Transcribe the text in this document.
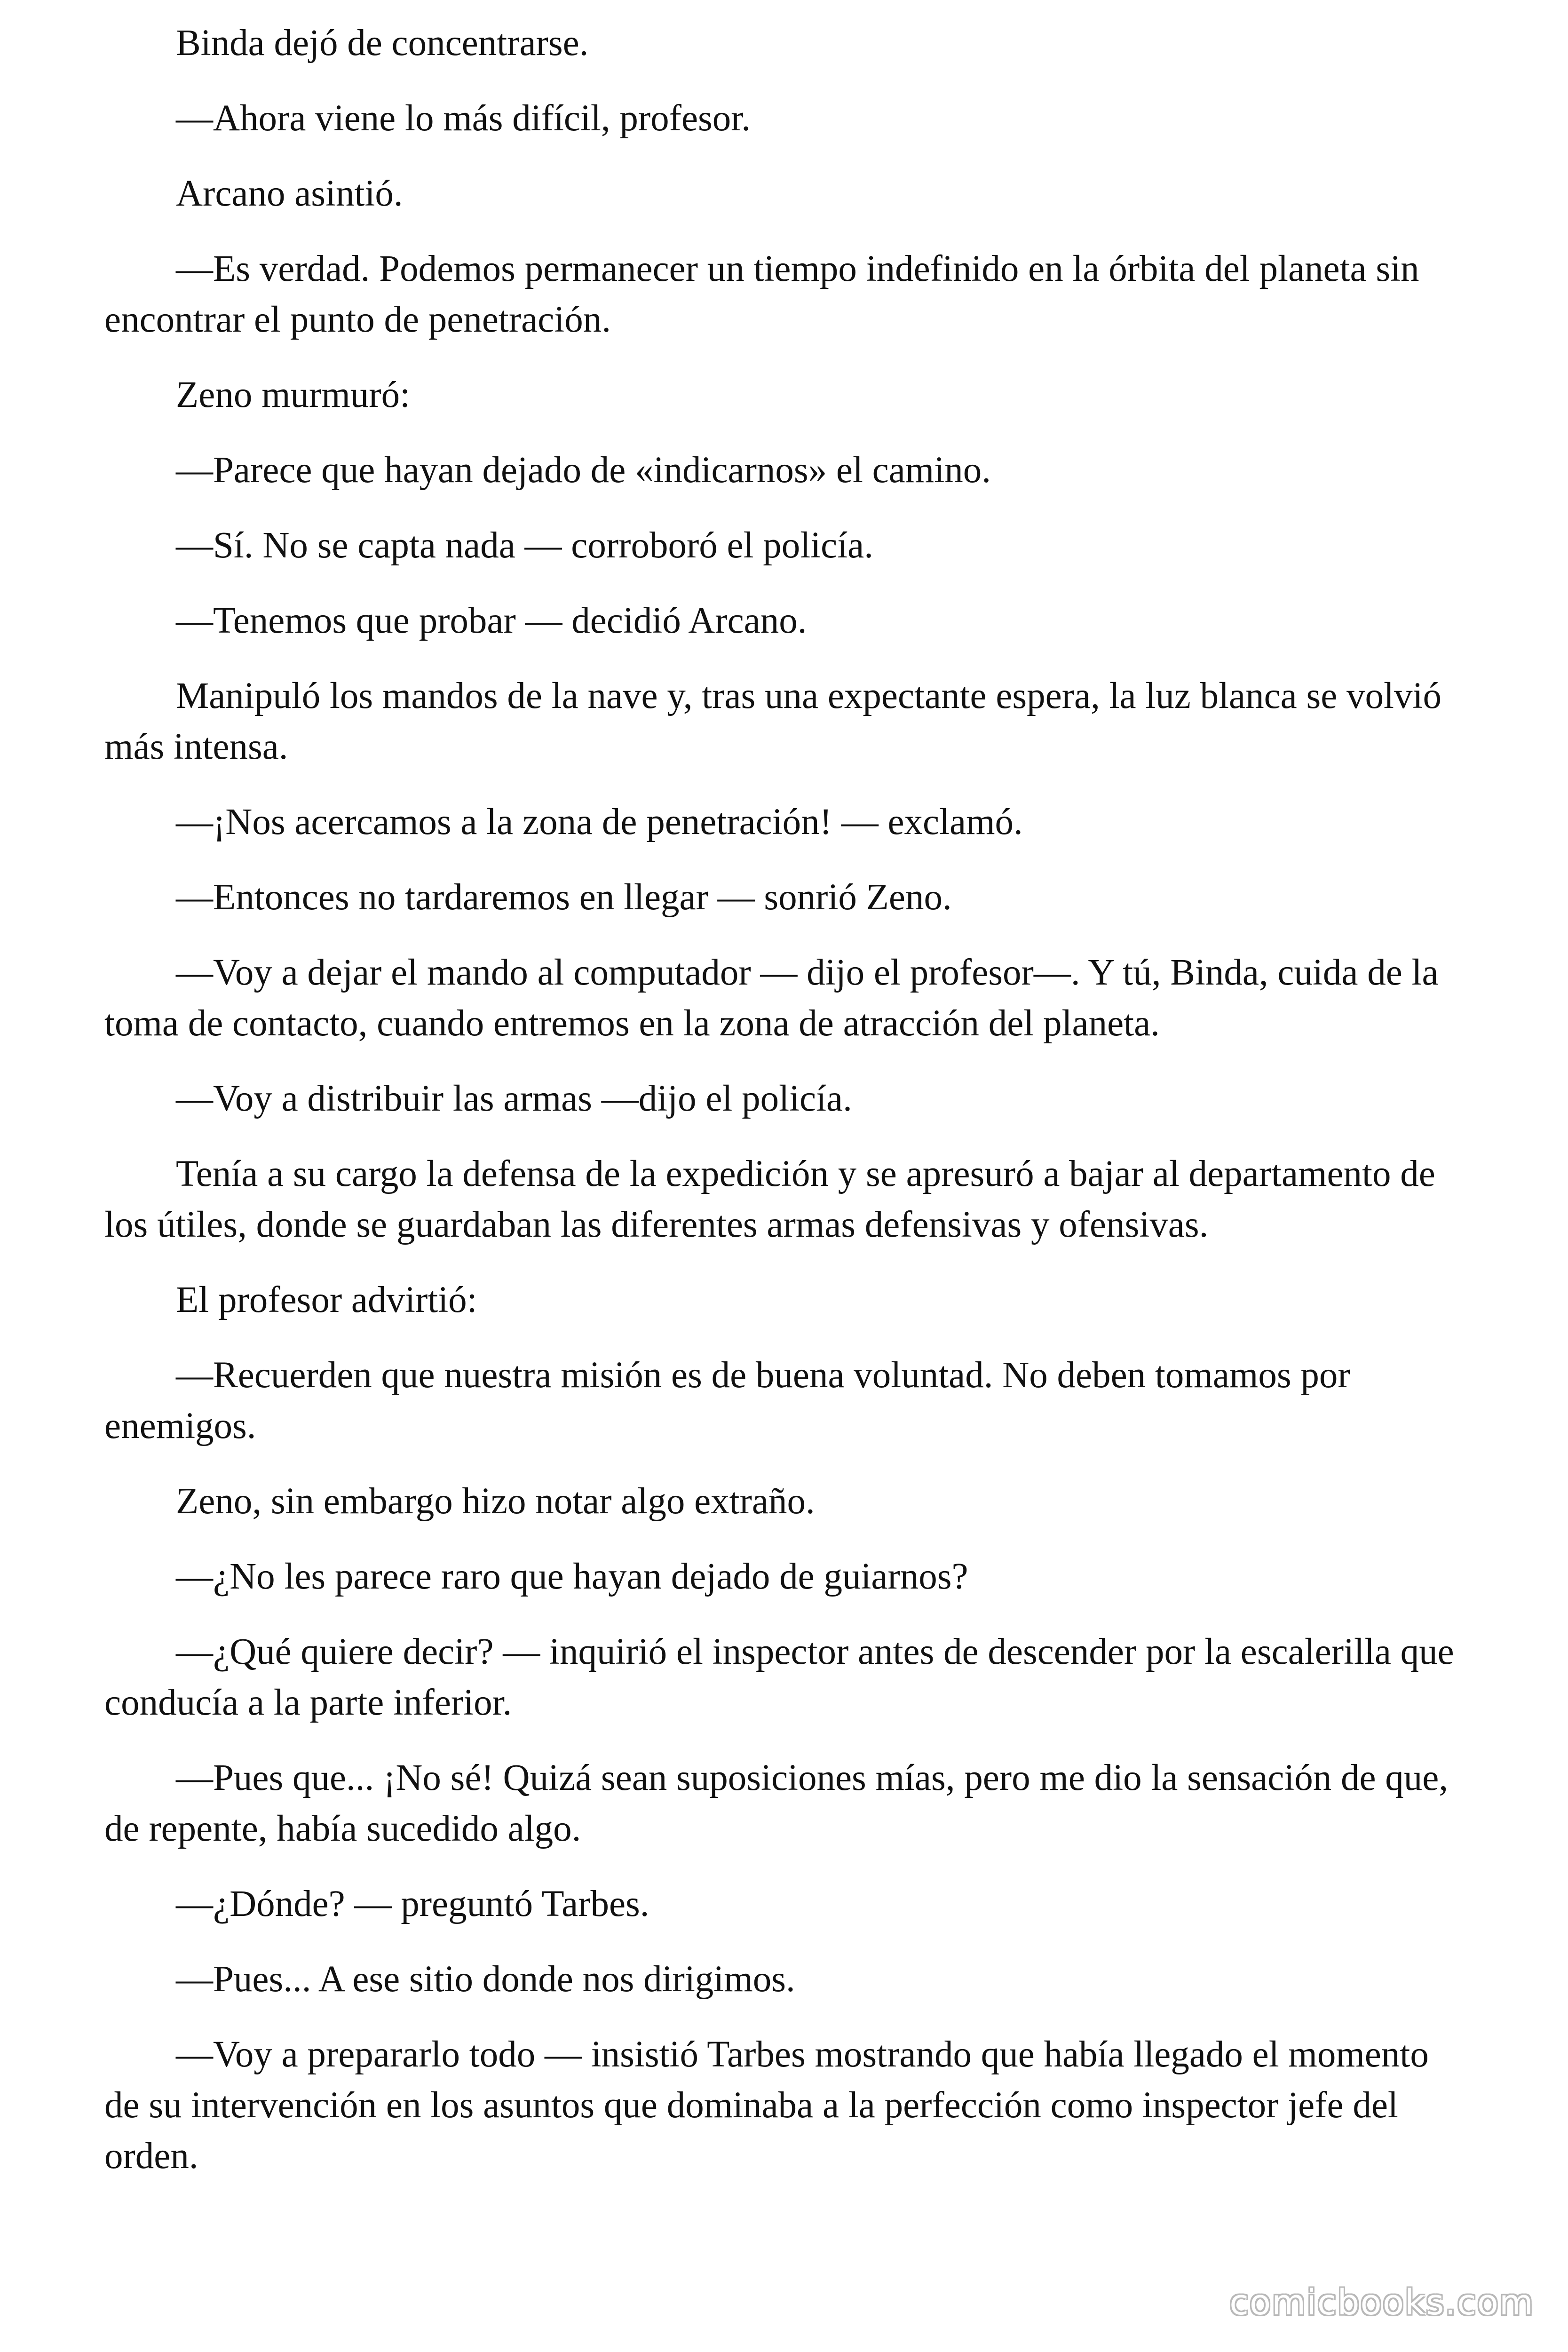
Binda dejó de concentrarse.

—Ahora viene lo más difícil, profesor.

Arcano asintió.

—Es verdad. Podemos permanecer un tiempo indefinido en la órbita del planeta sin encontrar el punto de penetración.

Zeno murmuró:

—Parece que hayan dejado de «indicarnos» el camino.

—Sí. No se capta nada — corroboró el policía.

—Tenemos que probar — decidió Arcano.

Manipuló los mandos de la nave y, tras una expectante espera, la luz blanca se volvió más intensa.

—¡Nos acercamos a la zona de penetración! — exclamó.

—Entonces no tardaremos en llegar — sonrió Zeno.

—Voy a dejar el mando al computador — dijo el profesor—. Y tú, Binda, cuida de la toma de contacto, cuando entremos en la zona de atracción del planeta.

—Voy a distribuir las armas —dijo el policía.

Tenía a su cargo la defensa de la expedición y se apresuró a bajar al departamento de los útiles, donde se guardaban las diferentes armas defensivas y ofensivas.

El profesor advirtió:

—Recuerden que nuestra misión es de buena voluntad. No deben tomamos por enemigos.

Zeno, sin embargo hizo notar algo extraño.

—¿No les parece raro que hayan dejado de guiarnos?

—¿Qué quiere decir? — inquirió el inspector antes de descender por la escalerilla que conducía a la parte inferior.

—Pues que... ¡No sé! Quizá sean suposiciones mías, pero me dio la sensación de que, de repente, había sucedido algo.

—¿Dónde? — preguntó Tarbes.

—Pues... A ese sitio donde nos dirigimos.

—Voy a prepararlo todo — insistió Tarbes mostrando que había llegado el momento de su intervención en los asuntos que dominaba a la perfección como inspector jefe del orden.

comicbooks.com
